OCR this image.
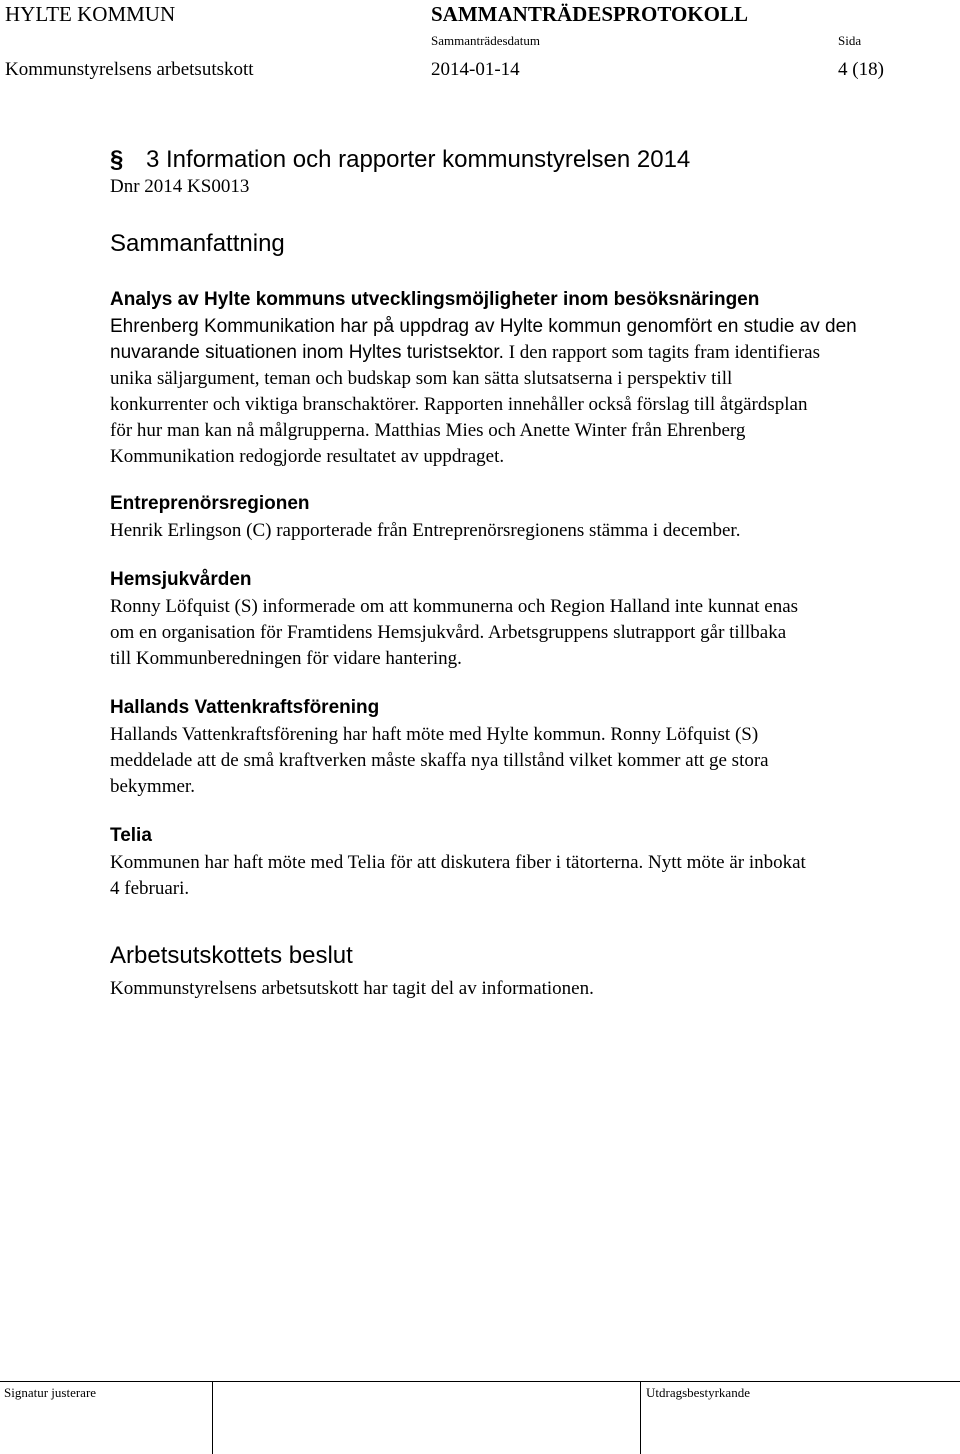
HYLTE KOMMUN	SAMMANTRÄDESPROTOKOLL
Sammanträdesdatum	Sida
Kommunstyrelsens arbetsutskott	2014-01-14	4 (18)
§ 3 Information och rapporter kommunstyrelsen 2014
Dnr 2014 KS0013
Sammanfattning
Analys av Hylte kommuns utvecklingsmöjligheter inom besöksnäringen
Ehrenberg Kommunikation har på uppdrag av Hylte kommun genomfört en studie av den
nuvarande situationen inom Hyltes turistsektor. I den rapport som tagits fram identifieras
unika säljargument, teman och budskap som kan sätta slutsatserna i perspektiv till
konkurrenter och viktiga branschaktörer. Rapporten innehåller också förslag till åtgärdsplan
för hur man kan nå målgrupperna. Matthias Mies och Anette Winter från Ehrenberg
Kommunikation redogjorde resultatet av uppdraget.
Entreprenörsregionen
Henrik Erlingson (C) rapporterade från Entreprenörsregionens stämma i december.
Hemsjukvården
Ronny Löfquist (S) informerade om att kommunerna och Region Halland inte kunnat enas
om en organisation för Framtidens Hemsjukvård. Arbetsgruppens slutrapport går tillbaka
till Kommunberedningen för vidare hantering.
Hallands Vattenkraftsförening
Hallands Vattenkraftsförening har haft möte med Hylte kommun. Ronny Löfquist (S)
meddelade att de små kraftverken måste skaffa nya tillstånd vilket kommer att ge stora
bekymmer.
Telia
Kommunen har haft möte med Telia för att diskutera fiber i tätorterna. Nytt möte är inbokat
4 februari.
Arbetsutskottets beslut
Kommunstyrelsens arbetsutskott har tagit del av informationen.
Signatur justerare	Utdragsbestyrkande
